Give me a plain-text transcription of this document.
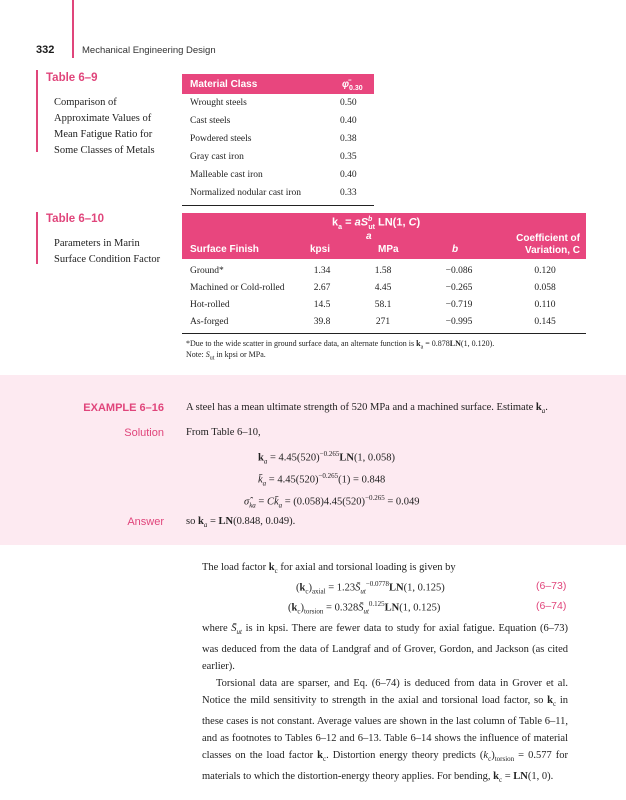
332	Mechanical Engineering Design
Table 6–9
Comparison of
Approximate Values of
Mean Fatigue Ratio for
Some Classes of Metals
Material Class	$\varphī_{0.30}$
Wrought steels	0.50
Cast steels	0.40
Powdered steels	0.38
Gray cast iron	0.35
Malleable cast iron	0.40
Normalized nodular cast iron	0.33
Table 6–10
Parameters in Marin
Surface Condition Factor
$k_a = aS^b_{ut}$ LN(1, C)
a
Surface Finish	kpsi	MPa	b
Coefficient of
Variation, C
Ground*	1.34	1.58	−0.086	0.120
Machined or Cold-rolled	2.67	4.45	−0.265	0.058
Hot-rolled	14.5	58.1	−0.719	0.110
As-forged	39.8	271	−0.995	0.145
*Due to the wide scatter in ground surface data, an alternate function is $k_a = 0.878LN(1$, 0.120).
Note: $S_{ut}$ in kpsi or MPa.
EXAMPLE 6–16 A steel has a mean ultimate strength of 520 MPa and a machined surface. Estimate $k_a$.
Solution From Table 6–10,
$k_a = 4.45(520)^{-0.265}LN(1$, 0.058)
$k̄_a = 4.45(520)^{-0.265}(1) = 0.848$
$\sigmâ_{ka}$ = $Ck̄_a = (0.058)4.45(520)^{-0.265} = 0.049$
Answer so $k_a = LN(0.848$, 0.049).
The load factor $k_c$ for axial and torsional loading is given by
$(k_c)_{axial}$ = $1.23S̄_{ut}^{-0.0778}LN(1$, 0.125)	(6–73)
$(k_c)_{torsion}$ = $0.328S̄_{ut}^{0.125}LN(1$, 0.125)	(6–74)

where $S̄_{ut}$ is in kpsi. There are fewer data to study for axial fatigue. Equation (6–73) was deduced from the data of Landgraf and of Grover, Gordon, and Jackson (as cited earlier).

Torsional data are sparser, and Eq. (6–74) is deduced from data in Grover et al. Notice the mild sensitivity to strength in the axial and torsional load factor, so $k_c$ in these cases is not constant. Average values are shown in the last column of Table 6–11, and as footnotes to Tables 6–12 and 6–13. Table 6–14 shows the influence of material classes on the load factor $k_c$. Distortion energy theory predicts $(k_c)_{torsion} = 0.577$ for materials to which the distortion-energy theory applies. For bending, $k_c = LN(1$, 0).
